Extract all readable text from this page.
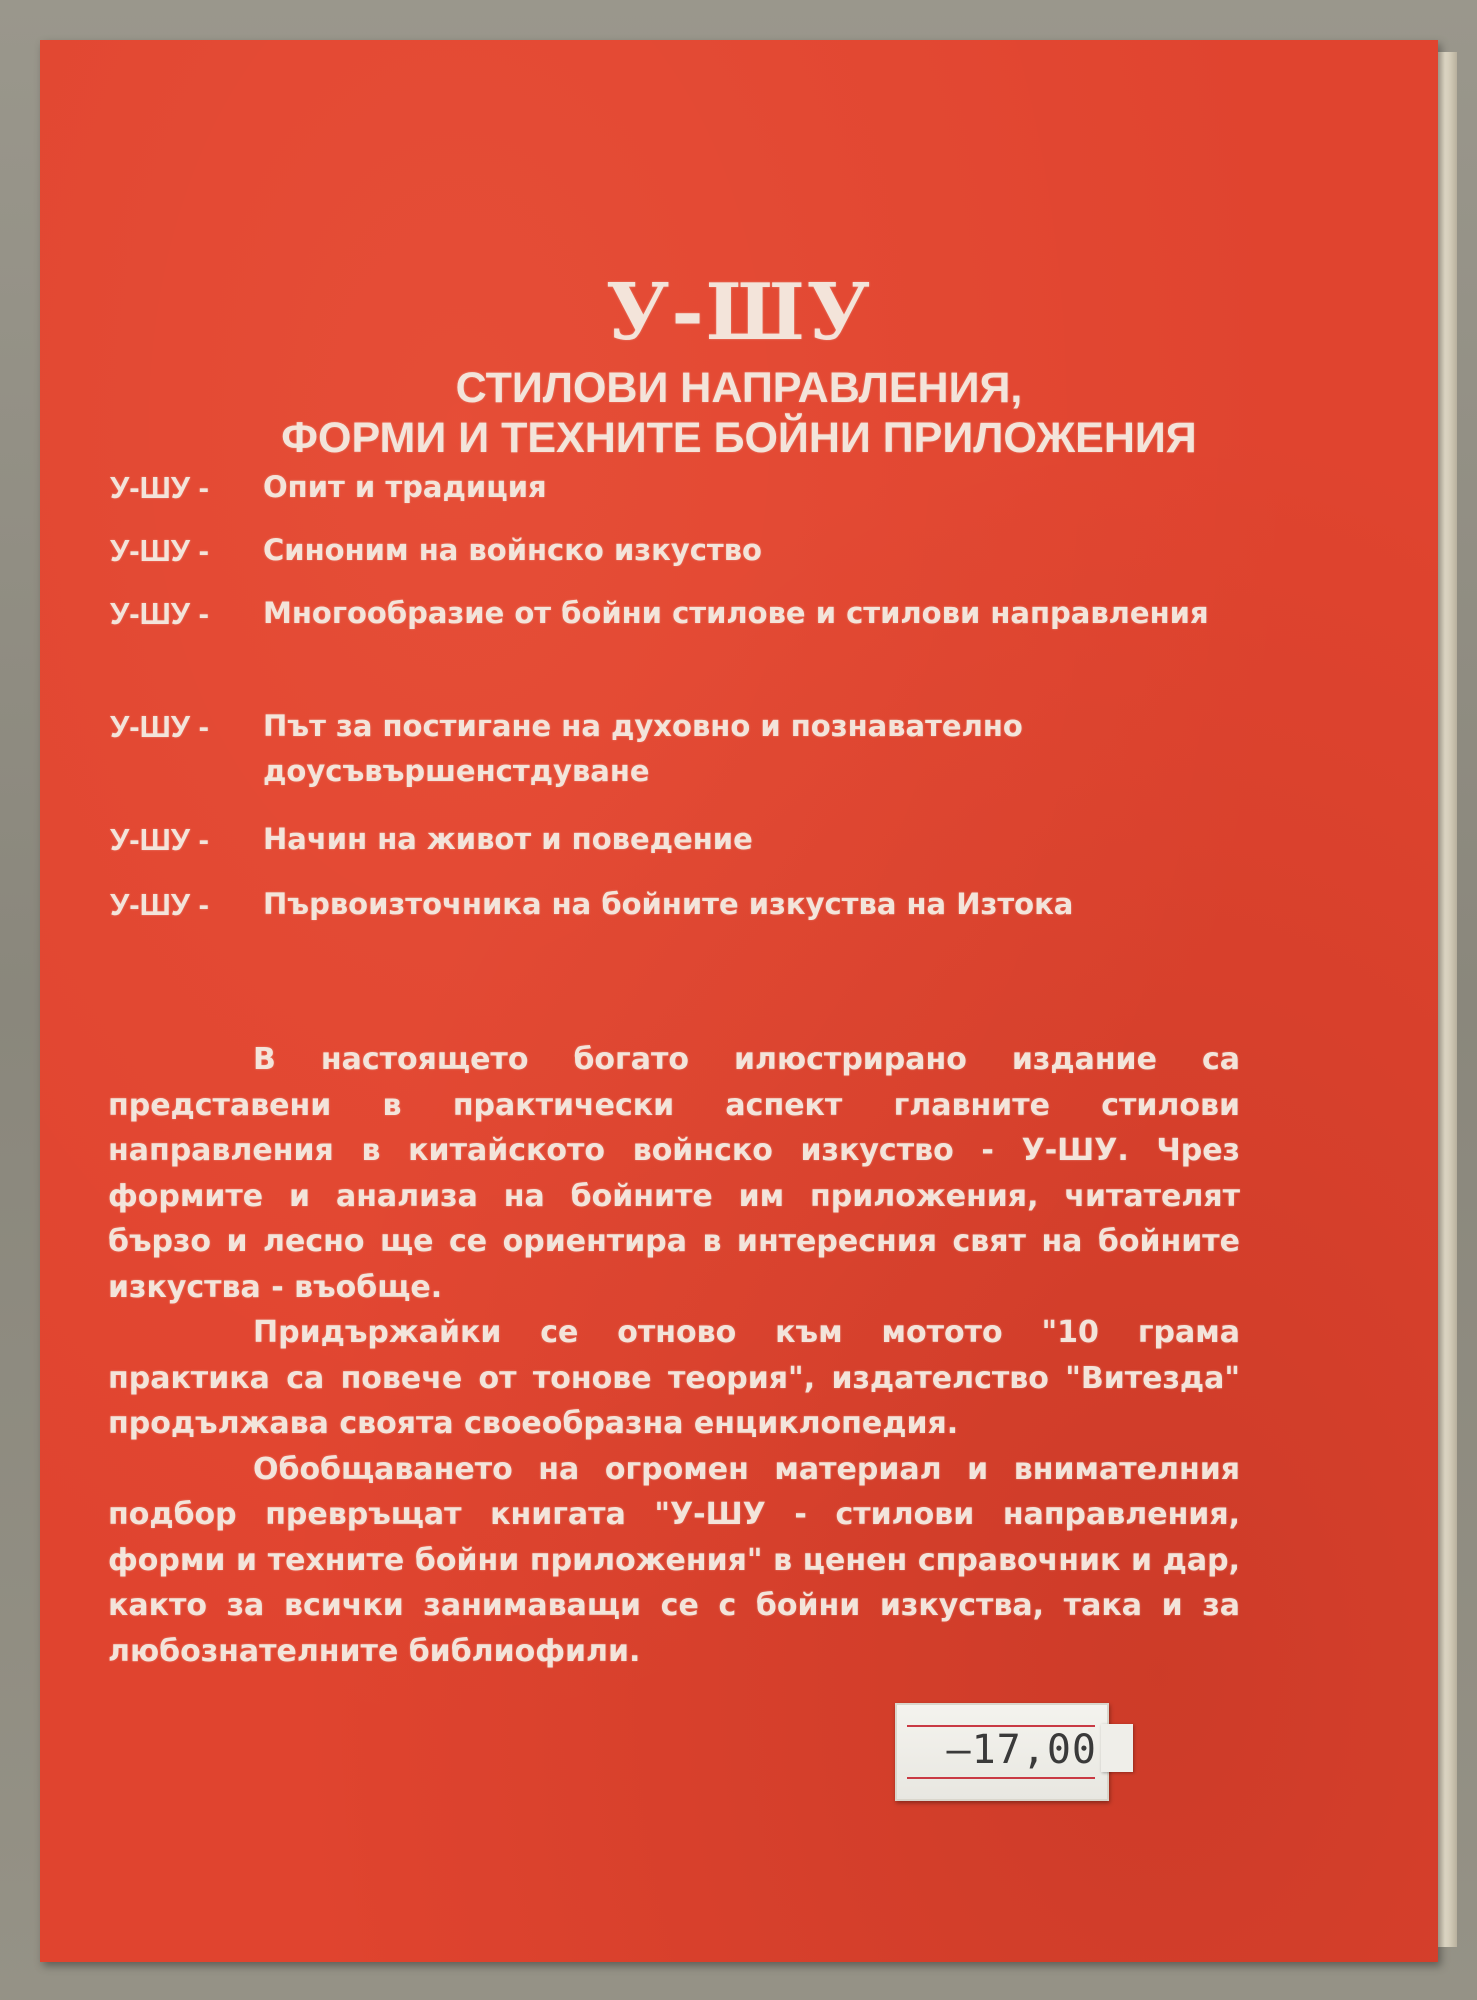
У-ШУ
СТИЛОВИ НАПРАВЛЕНИЯ,
ФОРМИ И ТЕХНИТЕ БОЙНИ ПРИЛОЖЕНИЯ
У-ШУ -	Опит и традиция
У-ШУ -	Синоним на войнско изкуство
У-ШУ -	Многообразие от бойни стилове и стилови направления
У-ШУ -	Път за постигане на духовно и познавателно доусъвършенстдуване
У-ШУ -	Начин на живот и поведение
У-ШУ -	Първоизточника на бойните изкуства на Изтока

В настоящето богато илюстрирано издание са представени в практически аспект главните стилови направления в китайското войнско изкуство - У-ШУ. Чрез формите и анализа на бойните им приложения, читателят бързо и лесно ще се ориентира в интересния свят на бойните изкуства - въобще.

Придържайки се отново към мотото "10 грама практика са повече от тонове теория", издателство "Витезда" продължава своята своеобразна енциклопедия.

Обобщаването на огромен материал и внимателния подбор превръщат книгата "У-ШУ - стилови направления, форми и техните бойни приложения" в ценен справочник и дар, както за всички занимаващи се с бойни изкуства, така и за любознателните библиофили.

—17,00
